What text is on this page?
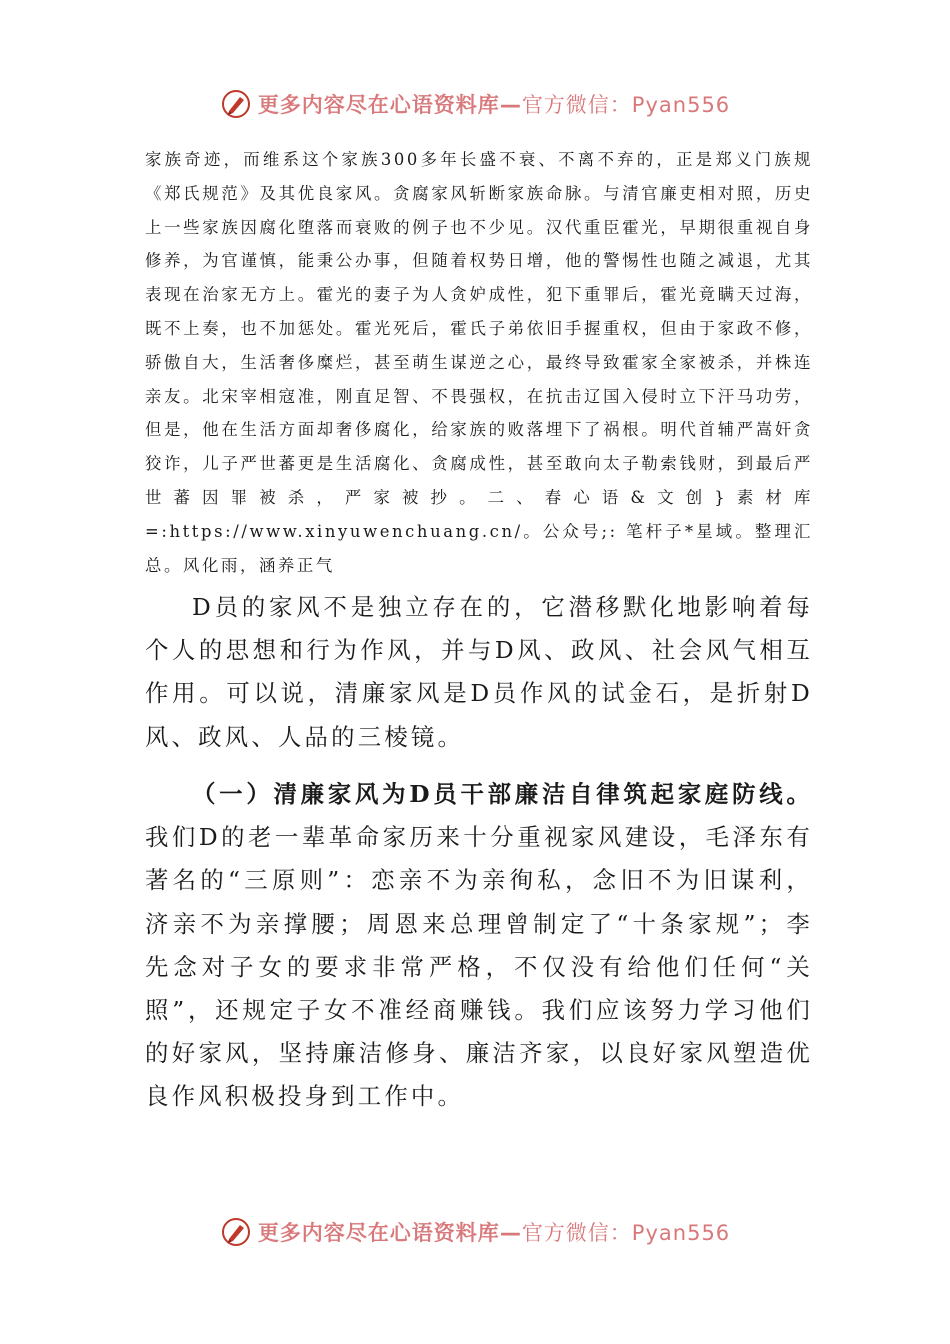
更多内容尽在心语资料库—官方微信：Pyan556

家族奇迹，而维系这个家族300多年长盛不衰、不离不弃的，正是郑义门族规《郑氏规范》及其优良家风。贪腐家风斩断家族命脉。与清官廉吏相对照，历史上一些家族因腐化堕落而衰败的例子也不少见。汉代重臣霍光，早期很重视自身修养，为官谨慎，能秉公办事，但随着权势日增，他的警惕性也随之减退，尤其表现在治家无方上。霍光的妻子为人贪妒成性，犯下重罪后，霍光竟瞒天过海，既不上奏，也不加惩处。霍光死后，霍氏子弟依旧手握重权，但由于家政不修，骄傲自大，生活奢侈糜烂，甚至萌生谋逆之心，最终导致霍家全家被杀，并株连亲友。北宋宰相寇准，刚直足智、不畏强权，在抗击辽国入侵时立下汗马功劳，但是，他在生活方面却奢侈腐化，给家族的败落埋下了祸根。明代首辅严嵩奸贪狡诈，儿子严世蕃更是生活腐化、贪腐成性，甚至敢向太子勒索钱财，到最后严世蕃因罪被杀，严家被抄。二、春心语&文创}素材库=:https://www.xinyuwenchuang.cn/。公众号;: 笔杆子*星域。整理汇总。风化雨，涵养正气

D员的家风不是独立存在的，它潜移默化地影响着每个人的思想和行为作风，并与D风、政风、社会风气相互作用。可以说，清廉家风是D员作风的试金石，是折射D风、政风、人品的三棱镜。

（一）清廉家风为D员干部廉洁自律筑起家庭防线。我们D的老一辈革命家历来十分重视家风建设，毛泽东有著名的“三原则”：恋亲不为亲徇私，念旧不为旧谋利，济亲不为亲撑腰；周恩来总理曾制定了“十条家规”；李先念对子女的要求非常严格，不仅没有给他们任何“关照”，还规定子女不准经商赚钱。我们应该努力学习他们的好家风，坚持廉洁修身、廉洁齐家，以良好家风塑造优良作风积极投身到工作中。

更多内容尽在心语资料库—官方微信：Pyan556
